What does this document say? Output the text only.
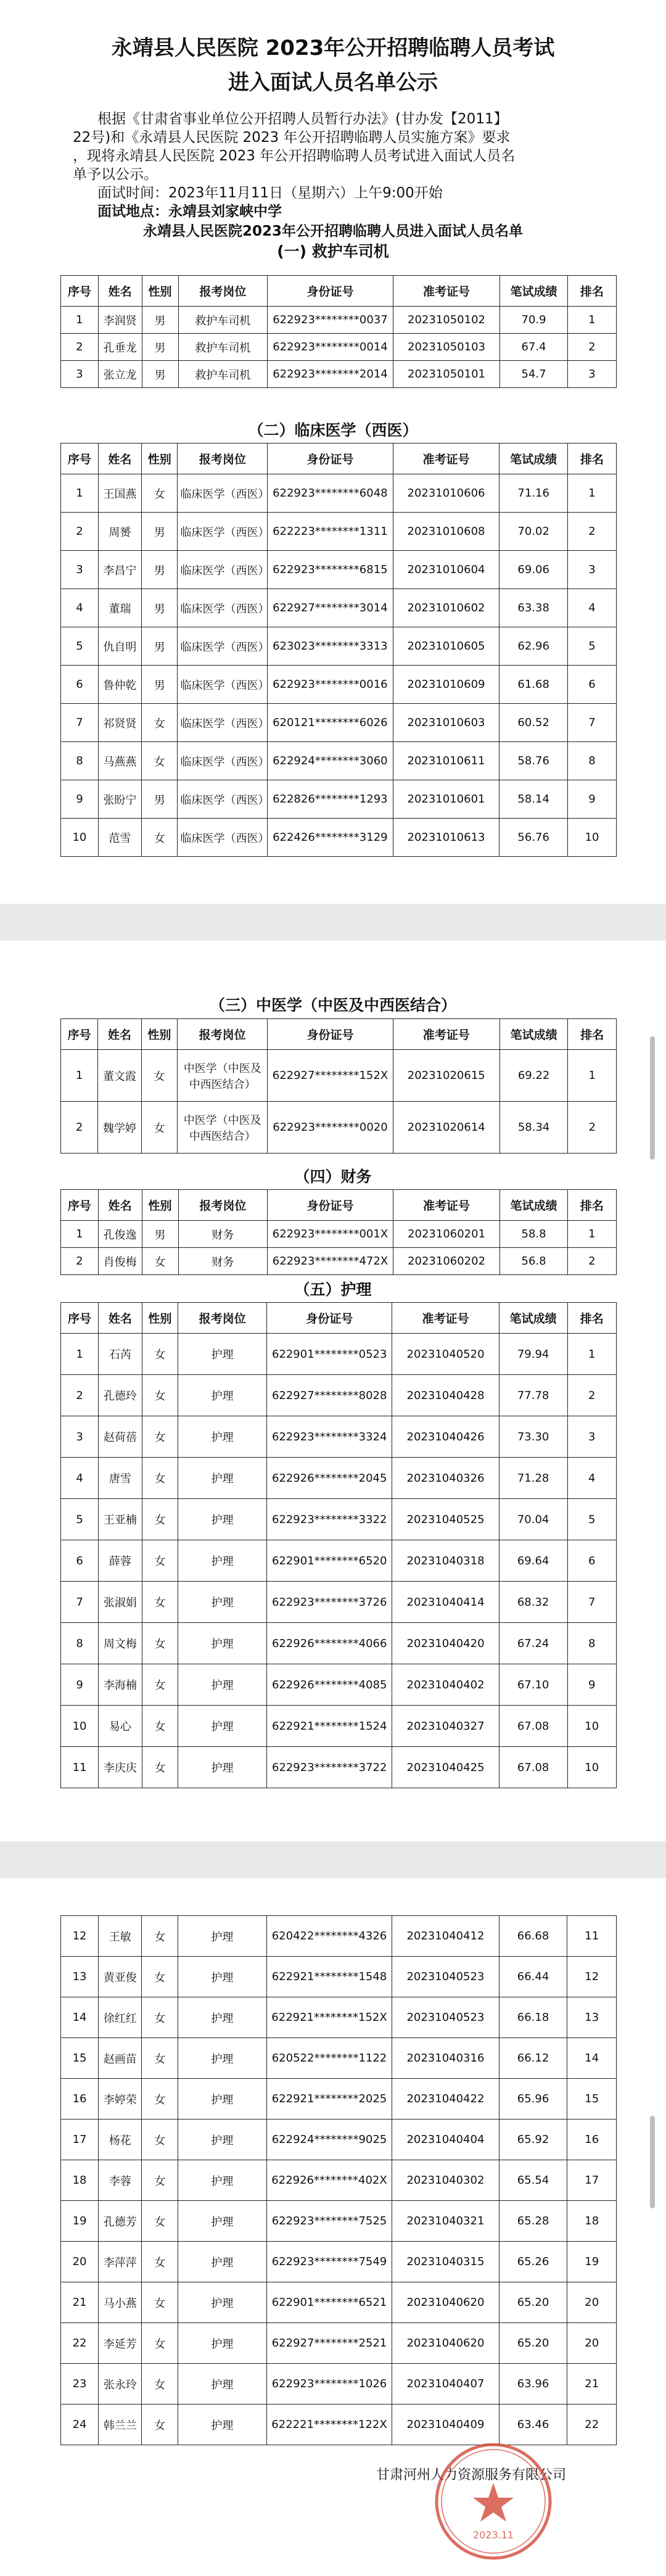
永靖县人民医院 2023年公开招聘临聘人员考试
进入面试人员名单公示
根据《甘肃省事业单位公开招聘人员暂行办法》(甘办发【2011】
22号)和《永靖县人民医院 2023 年公开招聘临聘人员实施方案》要求
，现将永靖县人民医院 2023 年公开招聘临聘人员考试进入面试人员名
单予以公示。
面试时间：2023年11月11日（星期六）上午9:00开始
面试地点：永靖县刘家峡中学
永靖县人民医院2023年公开招聘临聘人员进入面试人员名单
(一) 救护车司机
序号	姓名	性别	报考岗位	身份证号	准考证号	笔试成绩	排名
1	李润贤	男	救护车司机	622923********0037	20231050102	70.9	1
2	孔垂龙	男	救护车司机	622923********0014	20231050103	67.4	2
3	张立龙	男	救护车司机	622923********2014	20231050101	54.7	3
（二）临床医学（西医）
序号	姓名	性别	报考岗位	身份证号	准考证号	笔试成绩	排名
1	王国燕	女	临床医学（西医）	622923********6048	20231010606	71.16	1
2	周赟	男	临床医学（西医）	622223********1311	20231010608	70.02	2
3	李昌宁	男	临床医学（西医）	622923********6815	20231010604	69.06	3
4	董瑞	男	临床医学（西医）	622927********3014	20231010602	63.38	4
5	仇自明	男	临床医学（西医）	623023********3313	20231010605	62.96	5
6	鲁仲乾	男	临床医学（西医）	622923********0016	20231010609	61.68	6
7	祁贤贤	女	临床医学（西医）	620121********6026	20231010603	60.52	7
8	马燕燕	女	临床医学（西医）	622924********3060	20231010611	58.76	8
9	张盼宁	男	临床医学（西医）	622826********1293	20231010601	58.14	9
10	范雪	女	临床医学（西医）	622426********3129	20231010613	56.76	10
（三）中医学（中医及中西医结合）
序号	姓名	性别	报考岗位	身份证号	准考证号	笔试成绩	排名
1	董文霞	女	中医学（中医及中西医结合）	622927********152X	20231020615	69.22	1
2	魏学婷	女	中医学（中医及中西医结合）	622923********0020	20231020614	58.34	2
（四）财务
序号	姓名	性别	报考岗位	身份证号	准考证号	笔试成绩	排名
1	孔俊逸	男	财务	622923********001X	20231060201	58.8	1
2	肖俊梅	女	财务	622923********472X	20231060202	56.8	2
（五）护理
序号	姓名	性别	报考岗位	身份证号	准考证号	笔试成绩	排名
1	石芮	女	护理	622901********0523	20231040520	79.94	1
2	孔德玲	女	护理	622927********8028	20231040428	77.78	2
3	赵荷蓓	女	护理	622923********3324	20231040426	73.30	3
4	唐雪	女	护理	622926********2045	20231040326	71.28	4
5	王亚楠	女	护理	622923********3322	20231040525	70.04	5
6	薛蓉	女	护理	622901********6520	20231040318	69.64	6
7	张淑娟	女	护理	622923********3726	20231040414	68.32	7
8	周文梅	女	护理	622926********4066	20231040420	67.24	8
9	李海楠	女	护理	622926********4085	20231040402	67.10	9
10	易心	女	护理	622921********1524	20231040327	67.08	10
11	李庆庆	女	护理	622923********3722	20231040425	67.08	10
12	王敏	女	护理	620422********4326	20231040412	66.68	11
13	黄亚俊	女	护理	622921********1548	20231040523	66.44	12
14	徐红红	女	护理	622921********152X	20231040523	66.18	13
15	赵画苗	女	护理	620522********1122	20231040316	66.12	14
16	李婷荣	女	护理	622921********2025	20231040422	65.96	15
17	杨花	女	护理	622924********9025	20231040404	65.92	16
18	李蓉	女	护理	622926********402X	20231040302	65.54	17
19	孔德芳	女	护理	622923********7525	20231040321	65.28	18
20	李萍萍	女	护理	622923********7549	20231040315	65.26	19
21	马小燕	女	护理	622901********6521	20231040620	65.20	20
22	李延芳	女	护理	622927********2521	20231040620	65.20	20
23	张永玲	女	护理	622923********1026	20231040407	63.96	21
24	韩兰兰	女	护理	622221********122X	20231040409	63.46	22
甘肃河州人力资源服务有限公司
2023.11
